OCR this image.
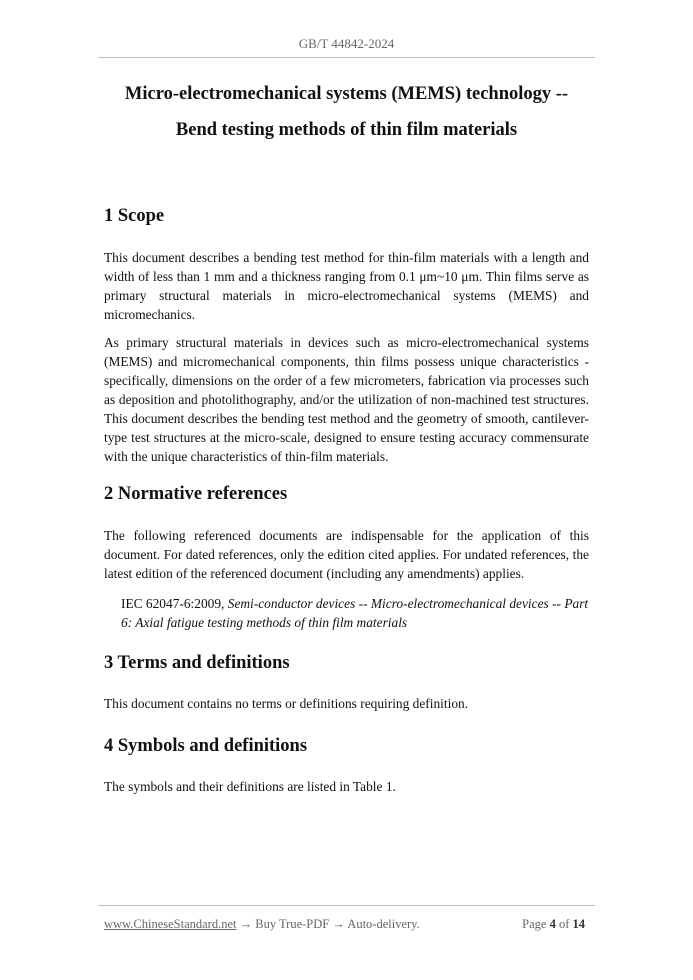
GB/T 44842-2024
Micro-electromechanical systems (MEMS) technology --
Bend testing methods of thin film materials
1 Scope

This document describes a bending test method for thin-film materials with a length and width of less than 1 mm and a thickness ranging from 0.1 μm~10 μm. Thin films serve as primary structural materials in micro-electromechanical systems (MEMS) and micromechanics.

As primary structural materials in devices such as micro-electromechanical systems (MEMS) and micromechanical components, thin films possess unique characteristics - specifically, dimensions on the order of a few micrometers, fabrication via processes such as deposition and photolithography, and/or the utilization of non-machined test structures. This document describes the bending test method and the geometry of smooth, cantilever-type test structures at the micro-scale, designed to ensure testing accuracy commensurate with the unique characteristics of thin-film materials.

2 Normative references

The following referenced documents are indispensable for the application of this document. For dated references, only the edition cited applies. For undated references, the latest edition of the referenced document (including any amendments) applies.

IEC 62047-6:2009, Semi-conductor devices -- Micro-electromechanical devices -- Part 6: Axial fatigue testing methods of thin film materials
3 Terms and definitions

This document contains no terms or definitions requiring definition.

4 Symbols and definitions

The symbols and their definitions are listed in Table 1.

www.ChineseStandard.net → Buy True-PDF → Auto-delivery.	Page 4 of 14
